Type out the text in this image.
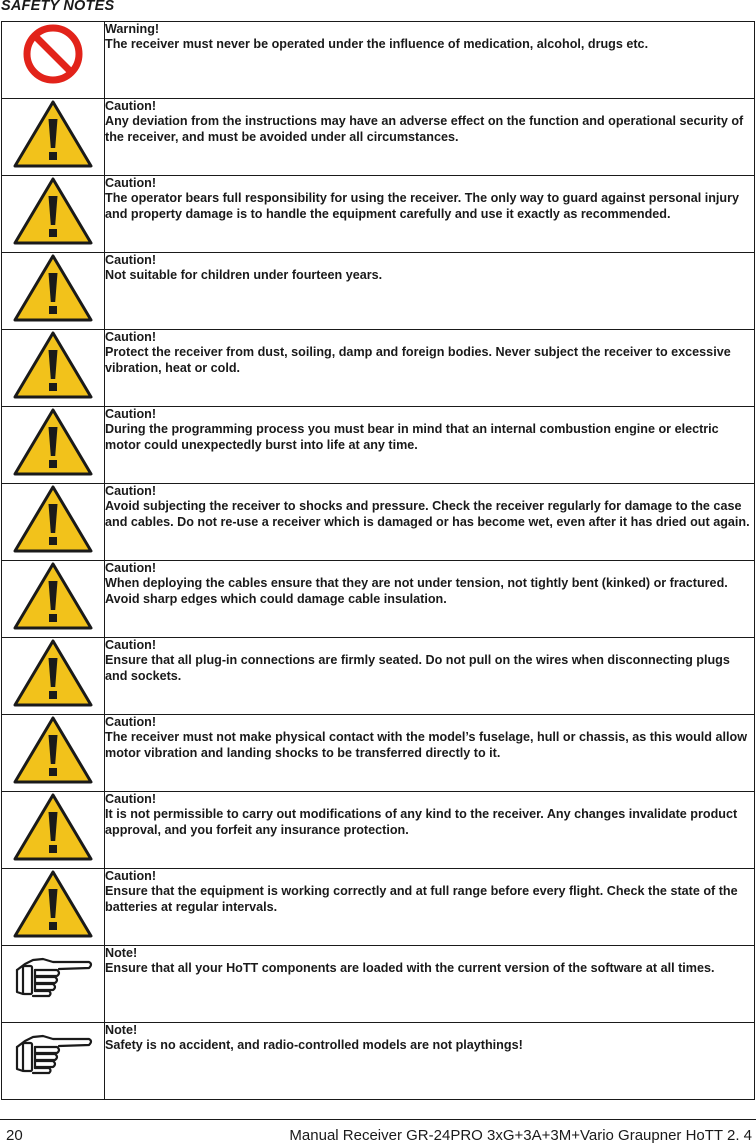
SAFETY NOTES

Warning!
The receiver must never be operated under the influence of medication, alcohol, drugs etc.

Caution!
Any deviation from the instructions may have an adverse effect on the function and operational security of the receiver, and must be avoided under all circumstances.

Caution!
The operator bears full responsibility for using the receiver. The only way to guard against personal injury and property damage is to handle the equipment carefully and use it exactly as recommended.

Caution!
Not suitable for children under fourteen years.

Caution!
Protect the receiver from dust, soiling, damp and foreign bodies. Never subject the receiver to excessive vibration, heat or cold.

Caution!
During the programming process you must bear in mind that an internal combustion engine or electric motor could unexpectedly burst into life at any time.

Caution!
Avoid subjecting the receiver to shocks and pressure. Check the receiver regularly for damage to the case and cables. Do not re-use a receiver which is damaged or has become wet, even after it has dried out again.

Caution!
When deploying the cables ensure that they are not under tension, not tightly bent (kinked) or fractured. Avoid sharp edges which could damage cable insulation.

Caution!
Ensure that all plug-in connections are firmly seated. Do not pull on the wires when disconnecting plugs and sockets.

Caution!
The receiver must not make physical contact with the model’s fuselage, hull or chassis, as this would allow motor vibration and landing shocks to be transferred directly to it.

Caution!
It is not permissible to carry out modifications of any kind to the receiver. Any changes invalidate product approval, and you forfeit any insurance protection.

Caution!
Ensure that the equipment is working correctly and at full range before every flight. Check the state of the batteries at regular intervals.

Note!
Ensure that all your HoTT components are loaded with the current version of the software at all times.

Note!
Safety is no accident, and radio-controlled models are not playthings!
20	Manual Receiver GR-24PRO 3xG+3A+3M+Vario Graupner HoTT 2. 4
